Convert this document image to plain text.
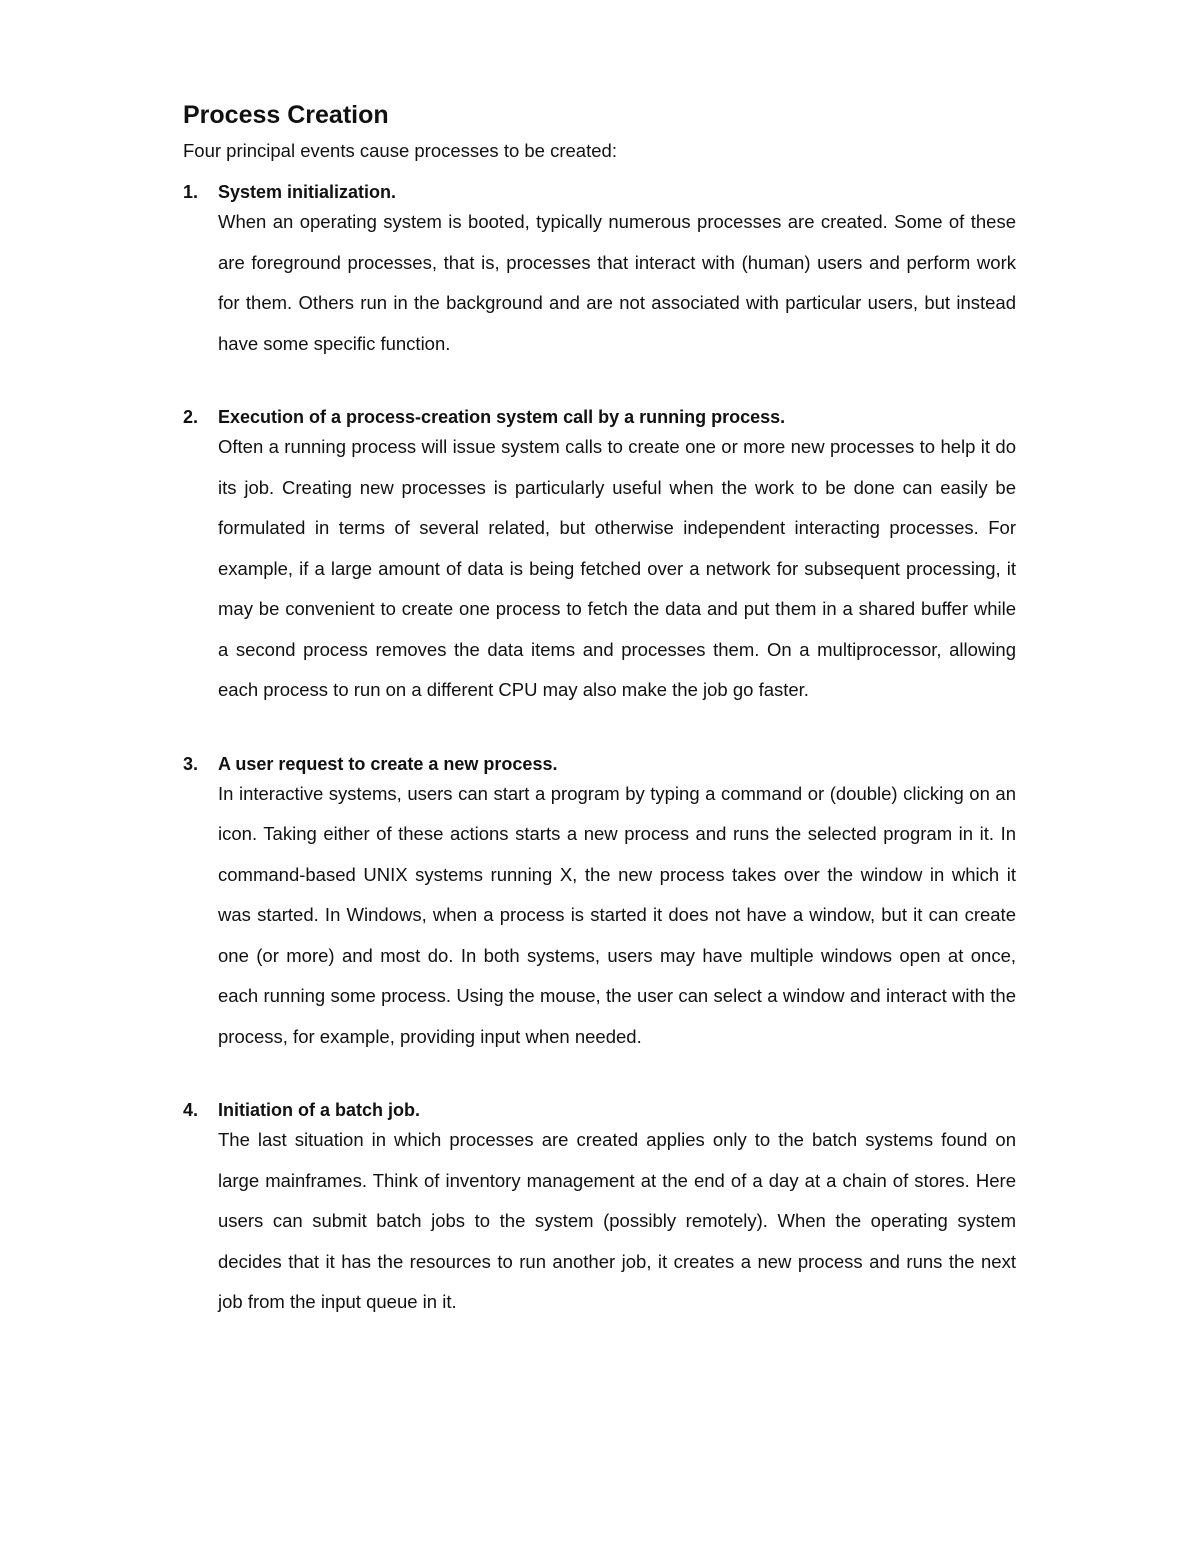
Process Creation

Four principal events cause processes to be created:

1. System initialization.

When an operating system is booted, typically numerous processes are created. Some of these are foreground processes, that is, processes that interact with (human) users and perform work for them. Others run in the background and are not associated with particular users, but instead have some specific function.

2. Execution of a process-creation system call by a running process.

Often a running process will issue system calls to create one or more new processes to help it do its job. Creating new processes is particularly useful when the work to be done can easily be formulated in terms of several related, but otherwise independent interacting processes. For example, if a large amount of data is being fetched over a network for subsequent processing, it may be convenient to create one process to fetch the data and put them in a shared buffer while a second process removes the data items and processes them. On a multiprocessor, allowing each process to run on a different CPU may also make the job go faster.

3. A user request to create a new process.

In interactive systems, users can start a program by typing a command or (double) clicking on an icon. Taking either of these actions starts a new process and runs the selected program in it. In command-based UNIX systems running X, the new process takes over the window in which it was started. In Windows, when a process is started it does not have a window, but it can create one (or more) and most do. In both systems, users may have multiple windows open at once, each running some process. Using the mouse, the user can select a window and interact with the process, for example, providing input when needed.

4. Initiation of a batch job.

The last situation in which processes are created applies only to the batch systems found on large mainframes. Think of inventory management at the end of a day at a chain of stores. Here users can submit batch jobs to the system (possibly remotely). When the operating system decides that it has the resources to run another job, it creates a new process and runs the next job from the input queue in it.
